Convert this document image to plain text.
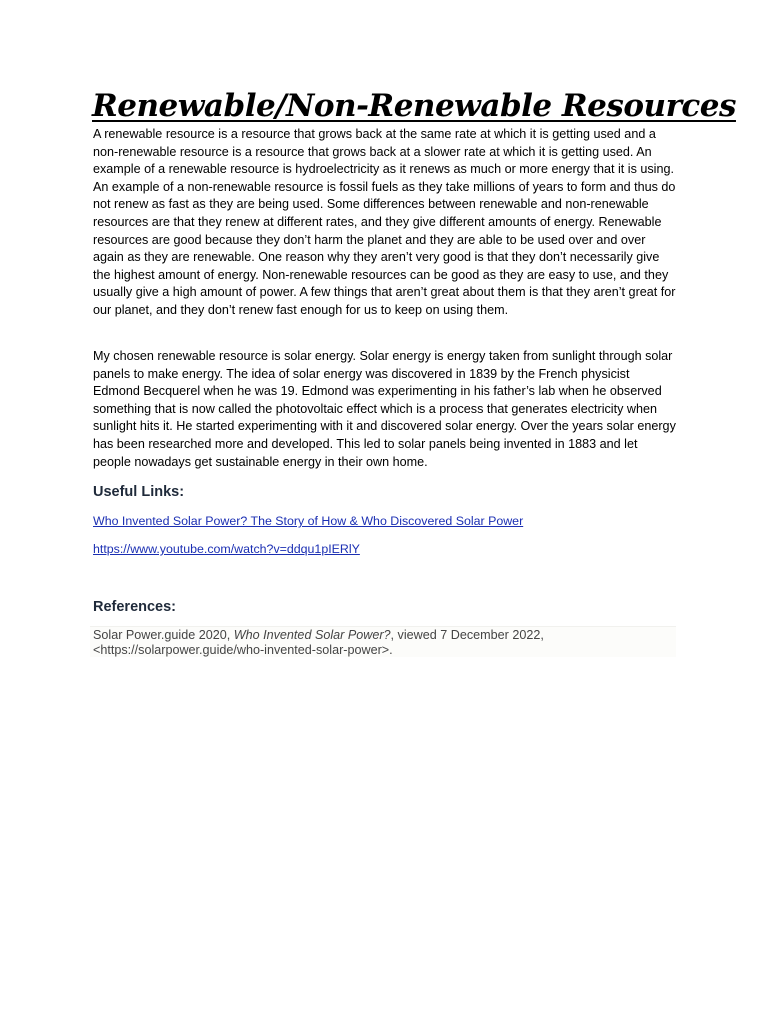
Renewable/Non-Renewable Resources

A renewable resource is a resource that grows back at the same rate at which it is getting used and a non-renewable resource is a resource that grows back at a slower rate at which it is getting used. An example of a renewable resource is hydroelectricity as it renews as much or more energy that it is using. An example of a non-renewable resource is fossil fuels as they take millions of years to form and thus do not renew as fast as they are being used. Some differences between renewable and non-renewable resources are that they renew at different rates, and they give different amounts of energy. Renewable resources are good because they don’t harm the planet and they are able to be used over and over again as they are renewable. One reason why they aren’t very good is that they don’t necessarily give the highest amount of energy. Non-renewable resources can be good as they are easy to use, and they usually give a high amount of power. A few things that aren’t great about them is that they aren’t great for our planet, and they don’t renew fast enough for us to keep on using them.

My chosen renewable resource is solar energy. Solar energy is energy taken from sunlight through solar panels to make energy. The idea of solar energy was discovered in 1839 by the French physicist Edmond Becquerel when he was 19. Edmond was experimenting in his father’s lab when he observed something that is now called the photovoltaic effect which is a process that generates electricity when sunlight hits it. He started experimenting with it and discovered solar energy. Over the years solar energy has been researched more and developed. This led to solar panels being invented in 1883 and let people nowadays get sustainable energy in their own home.

Useful Links:
Who Invented Solar Power? The Story of How & Who Discovered Solar Power
https://www.youtube.com/watch?v=ddqu1pIERlY
References:

Solar Power.guide 2020, Who Invented Solar Power?, viewed 7 December 2022, <https://solarpower.guide/who-invented-solar-power>.
